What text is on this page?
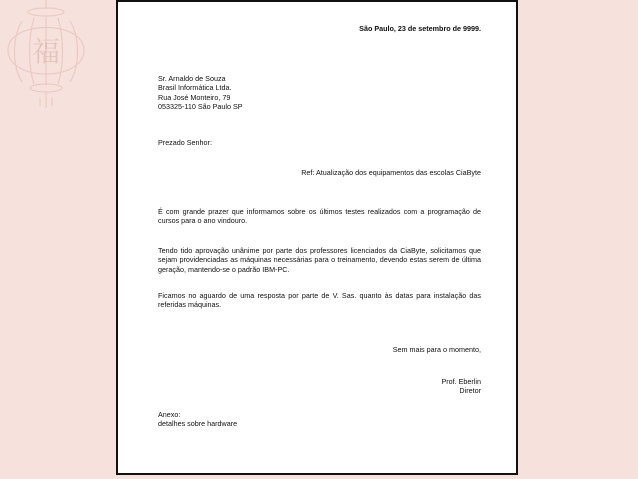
福
São Paulo, 23 de setembro de 9999.
Sr. Arnaldo de Souza
Brasil Informática Ltda.
Rua José Monteiro, 79
053325-110 São Paulo SP
Prezado Senhor:
Ref: Atualização dos equipamentos das escolas CiaByte
É com grande prazer que informamos sobre os últimos testes realizados com a programação de cursos para o ano vindouro.
Tendo tido aprovação unânime por parte dos professores licenciados da CiaByte, solicitamos que sejam providenciadas as máquinas necessárias para o treinamento, devendo estas serem de última geração, mantendo-se o padrão IBM-PC.
Ficamos no aguardo de uma resposta por parte de V. Sas. quanto às datas para instalação das referidas máquinas.
Sem mais para o momento,
Prof. Eberlin
Diretor
Anexo:
detalhes sobre hardware
